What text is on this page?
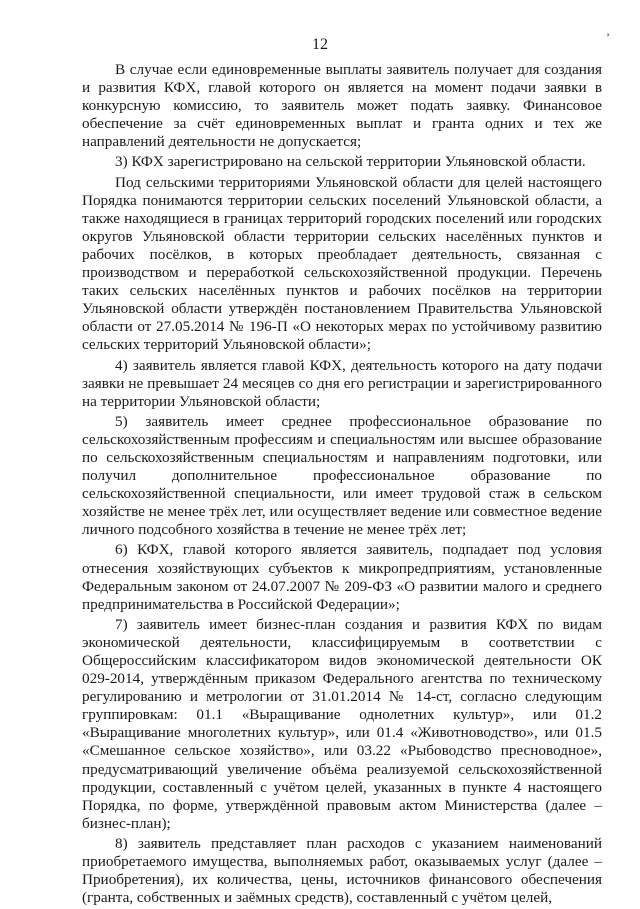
12	’

В случае если единовременные выплаты заявитель получает для создания и развития КФХ, главой которого он является на момент подачи заявки в конкурсную комиссию, то заявитель может подать заявку. Финансовое обеспечение за счёт единовременных выплат и гранта одних и тех же направлений деятельности не допускается;

3) КФХ зарегистрировано на сельской территории Ульяновской области.

Под сельскими территориями Ульяновской области для целей настоящего Порядка понимаются территории сельских поселений Ульяновской области, а также находящиеся в границах территорий городских поселений или городских округов Ульяновской области территории сельских населённых пунктов и рабочих посёлков, в которых преобладает деятельность, связанная с производством и переработкой сельскохозяйственной продукции. Перечень таких сельских населённых пунктов и рабочих посёлков на территории Ульяновской области утверждён постановлением Правительства Ульяновской области от 27.05.2014 № 196-П «О некоторых мерах по устойчивому развитию сельских территорий Ульяновской области»;

4) заявитель является главой КФХ, деятельность которого на дату подачи заявки не превышает 24 месяцев со дня его регистрации и зарегистрированного на территории Ульяновской области;

5) заявитель имеет среднее профессиональное образование по сельскохозяйственным профессиям и специальностям или высшее образование по сельскохозяйственным специальностям и направлениям подготовки, или получил дополнительное профессиональное образование по сельскохозяйственной специальности, или имеет трудовой стаж в сельском хозяйстве не менее трёх лет, или осуществляет ведение или совместное ведение личного подсобного хозяйства в течение не менее трёх лет;

6) КФХ, главой которого является заявитель, подпадает под условия отнесения хозяйствующих субъектов к микропредприятиям, установленные Федеральным законом от 24.07.2007 № 209-ФЗ «О развитии малого и среднего предпринимательства в Российской Федерации»;

7) заявитель имеет бизнес-план создания и развития КФХ по видам экономической деятельности, классифицируемым в соответствии с Общероссийским классификатором видов экономической деятельности ОК 029-2014, утверждённым приказом Федерального агентства по техническому регулированию и метрологии от 31.01.2014 № 14-ст, согласно следующим группировкам: 01.1 «Выращивание однолетних культур», или 01.2 «Выращивание многолетних культур», или 01.4 «Животноводство», или 01.5 «Смешанное сельское хозяйство», или 03.22 «Рыбоводство пресноводное», предусматривающий увеличение объёма реализуемой сельскохозяйственной продукции, составленный с учётом целей, указанных в пункте 4 настоящего Порядка, по форме, утверждённой правовым актом Министерства (далее – бизнес-план);

8) заявитель представляет план расходов с указанием наименований приобретаемого имущества, выполняемых работ, оказываемых услуг (далее – Приобретения), их количества, цены, источников финансового обеспечения (гранта, собственных и заёмных средств), составленный с учётом целей,
